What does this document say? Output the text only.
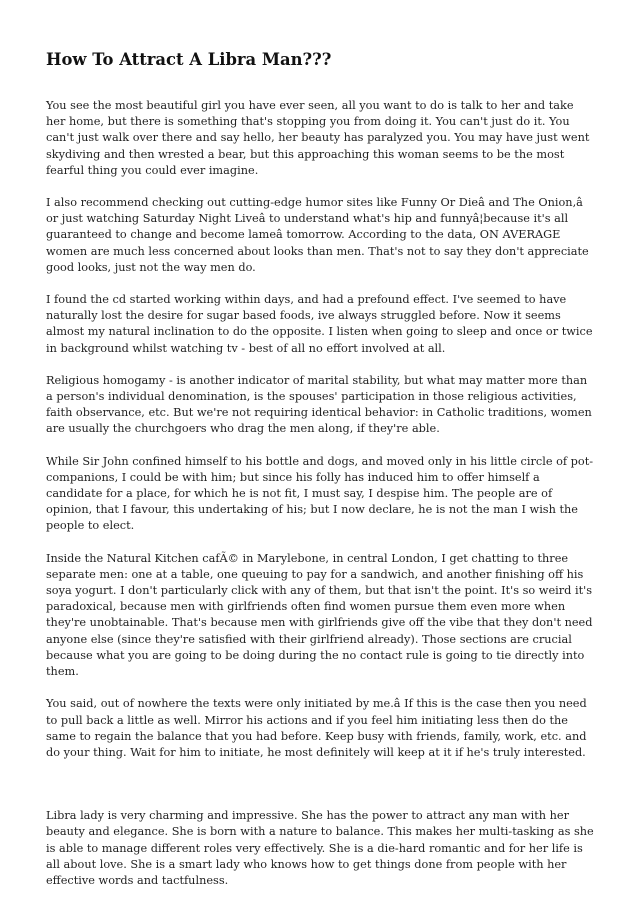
How To Attract A Libra Man???

You see the most beautiful girl you have ever seen, all you want to do is talk to her and take her home, but there is something that's stopping you from doing it. You can't just do it. You can't just walk over there and say hello, her beauty has paralyzed you. You may have just went skydiving and then wrested a bear, but this approaching this woman seems to be the most fearful thing you could ever imagine.

I also recommend checking out cutting-edge humor sites like Funny Or Dieâ and The Onion,â or just watching Saturday Night Liveâ to understand what's hip and funnyâ¦because it's all guaranteed to change and become lameâ tomorrow. According to the data, ON AVERAGE women are much less concerned about looks than men. That's not to say they don't appreciate good looks, just not the way men do.

I found the cd started working within days, and had a prefound effect. I've seemed to have naturally lost the desire for sugar based foods, ive always struggled before. Now it seems almost my natural inclination to do the opposite. I listen when going to sleep and once or twice in background whilst watching tv - best of all no effort involved at all.

Religious homogamy - is another indicator of marital stability, but what may matter more than a person's individual denomination, is the spouses' participation in those religious activities, faith observance, etc. But we're not requiring identical behavior: in Catholic traditions, women are usually the churchgoers who drag the men along, if they're able.

While Sir John confined himself to his bottle and dogs, and moved only in his little circle of pot-companions, I could be with him; but since his folly has induced him to offer himself a candidate for a place, for which he is not fit, I must say, I despise him. The people are of opinion, that I favour, this undertaking of his; but I now declare, he is not the man I wish the people to elect.

Inside the Natural Kitchen cafÃ© in Marylebone, in central London, I get chatting to three separate men: one at a table, one queuing to pay for a sandwich, and another finishing off his soya yogurt. I don't particularly click with any of them, but that isn't the point. It's so weird it's paradoxical, because men with girlfriends often find women pursue them even more when they're unobtainable. That's because men with girlfriends give off the vibe that they don't need anyone else (since they're satisfied with their girlfriend already). Those sections are crucial because what you are going to be doing during the no contact rule is going to tie directly into them.

You said, out of nowhere the texts were only initiated by me.â If this is the case then you need to pull back a little as well. Mirror his actions and if you feel him initiating less then do the same to regain the balance that you had before. Keep busy with friends, family, work, etc. and do your thing. Wait for him to initiate, he most definitely will keep at it if he's truly interested.

Libra lady is very charming and impressive. She has the power to attract any man with her beauty and elegance. She is born with a nature to balance. This makes her multi-tasking as she is able to manage different roles very effectively. She is a die-hard romantic and for her life is all about love. She is a smart lady who knows how to get things done from people with her effective words and tactfulness.
